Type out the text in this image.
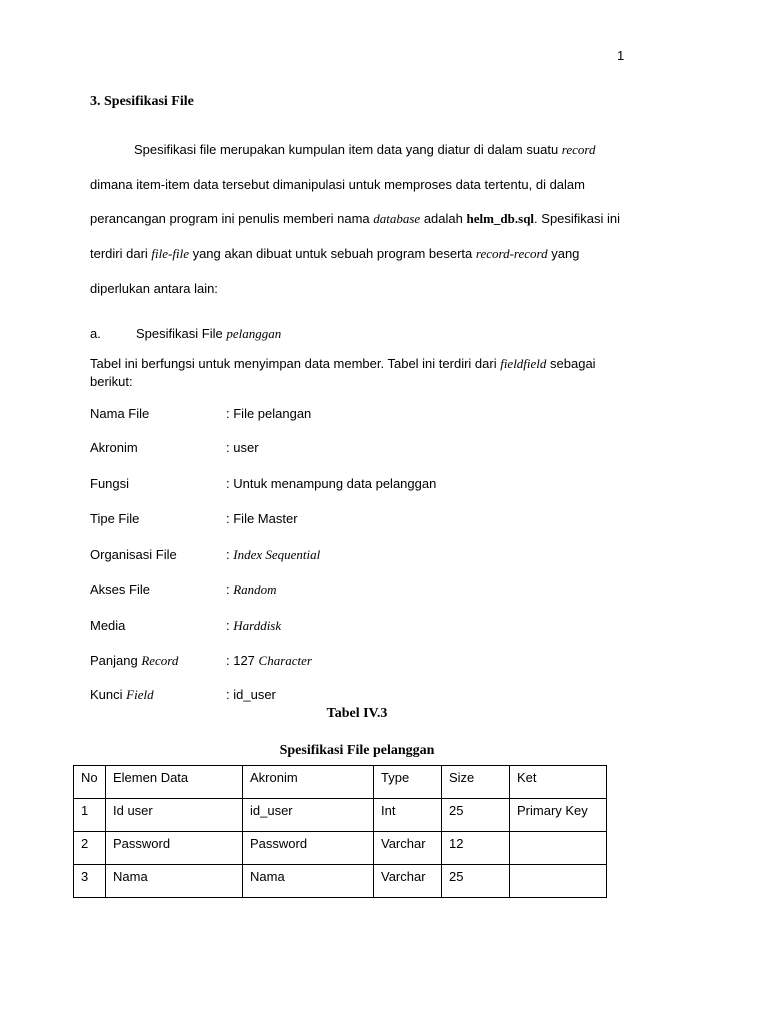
1
3. Spesifikasi File
Spesifikasi file merupakan kumpulan item data yang diatur di dalam suatu record
dimana item-item data tersebut dimanipulasi untuk memproses data tertentu, di dalam
perancangan program ini penulis memberi nama database adalah helm_db.sql. Spesifikasi ini
terdiri dari file-file yang akan dibuat untuk sebuah program beserta record-record yang
diperlukan antara lain:
a.	Spesifikasi File pelanggan
Tabel ini berfungsi untuk menyimpan data member. Tabel ini terdiri dari fieldfield sebagai
berikut:
Nama File	: File pelangan
Akronim	: user
Fungsi	: Untuk menampung data pelanggan
Tipe File	: File Master
Organisasi File	: Index Sequential
Akses File	: Random
Media	: Harddisk
Panjang Record	: 127 Character
Kunci Field	: id_user
Tabel IV.3
Spesifikasi File pelanggan
No	Elemen Data	Akronim	Type	Size	Ket
1	Id user	id_user	Int	25	Primary Key
2	Password	Password	Varchar	12	
3	Nama	Nama	Varchar	25	
